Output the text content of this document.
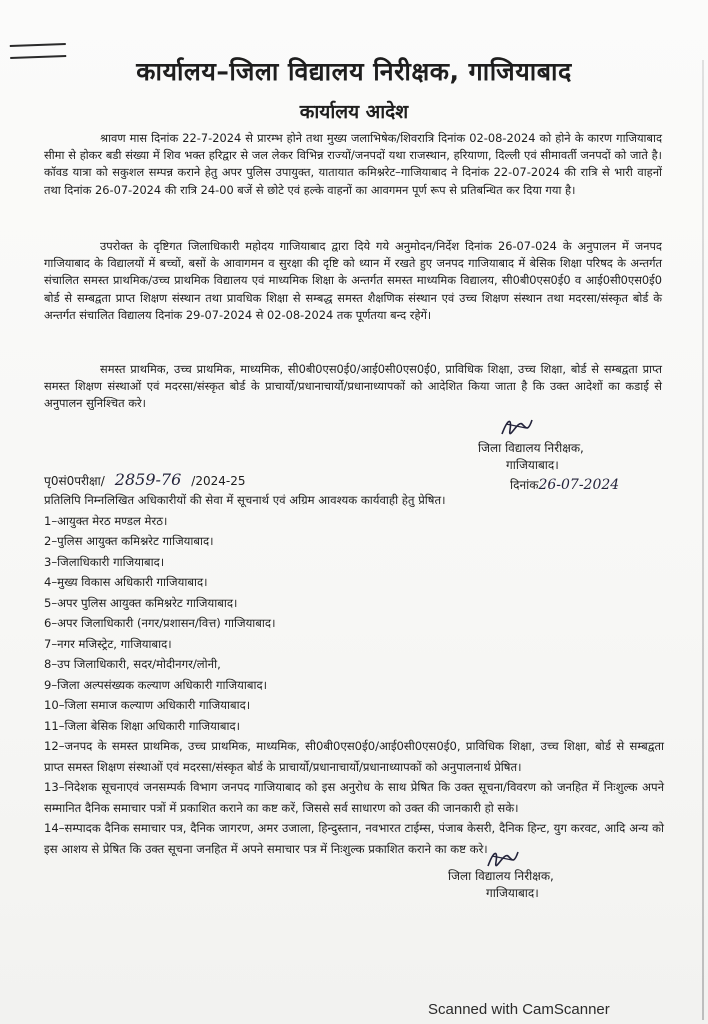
कार्यालय–जिला विद्यालय निरीक्षक, गाजियाबाद
कार्यालय आदेश
श्रावण मास दिनांक 22-7-2024 से प्रारम्भ होने तथा मुख्य जलाभिषेक/शिवरात्रि दिनांक 02-08-2024 को होने के कारण गाजियाबाद सीमा से होकर बडी संख्या में शिव भक्त हरिद्वार से जल लेकर विभिन्न राज्यों/जनपदों यथा राजस्थान, हरियाणा, दिल्ली एवं सीमावर्ती जनपदों को जाते है। कॉवड यात्रा को सकुशल सम्पन्न कराने हेतु अपर पुलिस उपायुक्त, यातायात कमिश्नरेट–गाजियाबाद ने दिनांक 22-07-2024 की रात्रि से भारी वाहनों तथा दिनांक 26-07-2024 की रात्रि 24-00 बजें से छोटे एवं हल्के वाहनों का आवगमन पूर्ण रूप से प्रतिबन्धित कर दिया गया है।
उपरोक्त के दृष्टिगत जिलाधिकारी महोदय गाजियाबाद द्वारा दिये गये अनुमोदन/निर्देश दिनांक 26-07-024 के अनुपालन में जनपद गाजियाबाद के विद्यालयों में बच्चों, बसों के आवागमन व सुरक्षा की दृष्टि को ध्यान में रखते हुए जनपद गाजियाबाद में बेसिक शिक्षा परिषद के अन्तर्गत संचालित समस्त प्राथमिक/उच्च प्राथमिक विद्यालय एवं माध्यमिक शिक्षा के अन्तर्गत समस्त माध्यमिक विद्यालय, सी0बी0एस0ई0 व आई0सी0एस0ई0 बोर्ड से सम्बद्वता प्राप्त शिक्षण संस्थान तथा प्रावधिक शिक्षा से सम्बद्ध समस्त शैक्षणिक संस्थान एवं उच्च शिक्षण संस्थान तथा मदरसा/संस्कृत बोर्ड के अन्तर्गत संचालित विद्यालय दिनांक 29-07-2024 से 02-08-2024 तक पूर्णतया बन्द रहेगें।
समस्त प्राथमिक, उच्च प्राथमिक, माध्यमिक, सी0बी0एस0ई0/आई0सी0एस0ई0, प्राविधिक शिक्षा, उच्च शिक्षा, बोर्ड से सम्बद्वता प्राप्त समस्त शिक्षण संस्थाओं एवं मदरसा/संस्कृत बोर्ड के प्राचार्यो/प्रधानाचार्यो/प्रधानाध्यापकों को आदेशित किया जाता है कि उक्त आदेशों का कडाई से अनुपालन सुनिश्चित करे।
जिला विद्यालय निरीक्षक,
गाजियाबाद।
पृ0सं0परीक्षा/ 2859-76 /2024-25	दिनांक26-07-2024
प्रतिलिपि निम्नलिखित अधिकारीयों की सेवा में सूचनार्थ एवं अग्रिम आवश्यक कार्यवाही हेतु प्रेषित।
1–आयुक्त मेरठ मण्डल मेरठ।
2–पुलिस आयुक्त कमिश्नरेट गाजियाबाद।
3–जिलाधिकारी गाजियाबाद।
4–मुख्य विकास अधिकारी गाजियाबाद।
5–अपर पुलिस आयुक्त कमिश्नरेट गाजियाबाद।
6–अपर जिलाधिकारी (नगर/प्रशासन/वित्त) गाजियाबाद।
7–नगर मजिस्ट्रेट, गाजियाबाद।
8–उप जिलाधिकारी, सदर/मोदीनगर/लोनी,
9–जिला अल्पसंख्यक कल्याण अधिकारी गाजियाबाद।
10–जिला समाज कल्याण अधिकारी गाजियाबाद।
11–जिला बेसिक शिक्षा अधिकारी गाजियाबाद।
12–जनपद के समस्त प्राथमिक, उच्च प्राथमिक, माध्यमिक, सी0बी0एस0ई0/आई0सी0एस0ई0, प्राविधिक शिक्षा, उच्च शिक्षा, बोर्ड से सम्बद्वता प्राप्त समस्त शिक्षण संस्थाओं एवं मदरसा/संस्कृत बोर्ड के प्राचार्यो/प्रधानाचार्यो/प्रधानाध्यापकों को अनुपालनार्थ प्रेषित।
13–निदेशक सूचनाएवं जनसम्पर्क विभाग जनपद गाजियाबाद को इस अनुरोध के साथ प्रेषित कि उक्त सूचना/विवरण को जनहित में निःशुल्क अपने सम्मानित दैनिक समाचार पत्रों में प्रकाशित कराने का कष्ट करें, जिससे सर्व साधारण को उक्त की जानकारी हो सके।
14–सम्पादक दैनिक समाचार पत्र, दैनिक जागरण, अमर उजाला, हिन्दुस्तान, नवभारत टाईम्स, पंजाब केसरी, दैनिक हिन्ट, युग करवट, आदि अन्य को इस आशय से प्रेषित कि उक्त सूचना जनहित में अपने समाचार पत्र में निःशुल्क प्रकाशित कराने का कष्ट करे।
जिला विद्यालय निरीक्षक,
गाजियाबाद।
Scanned with CamScanner
